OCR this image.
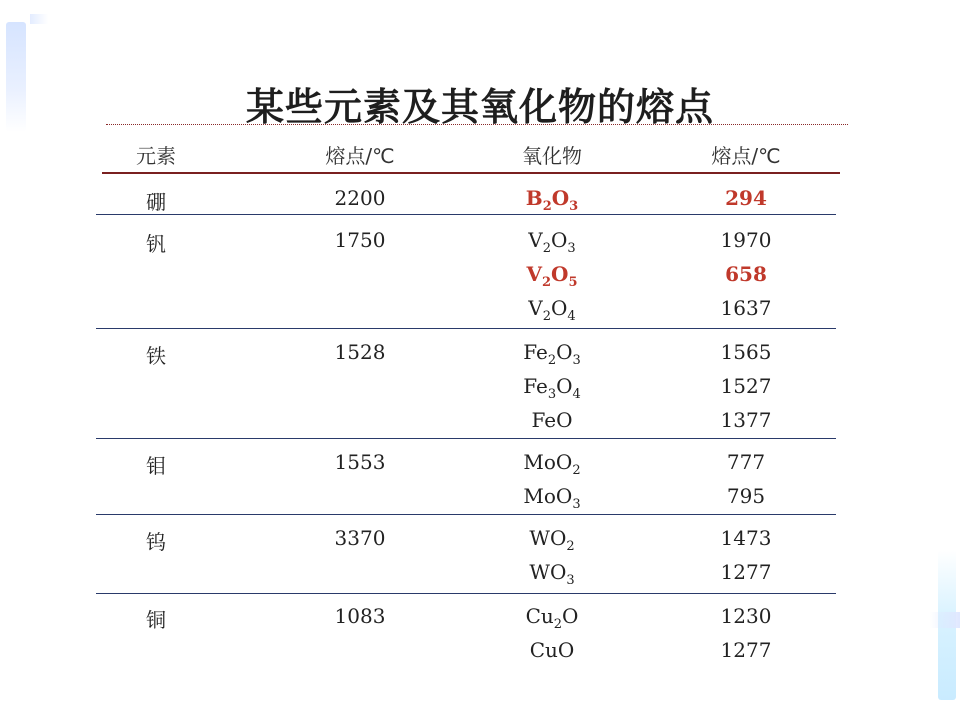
某些元素及其氧化物的熔点
元素	熔点/℃	氧化物	熔点/℃
硼	2200	$B_2O_3$	294
钒	1750	$V_2O_3$	1970
$V_2O_5$	658
$V_2O_4$	1637
铁	1528	$Fe_2O_3$	1565
$Fe_3O_4$	1527
FeO	1377
钼	1553	MoO$_2$	777
MoO$_3$	795
钨	3370	$WO_2$	1473
$WO_3$	1277
铜	1083	$Cu_2O$	1230
CuO	1277
